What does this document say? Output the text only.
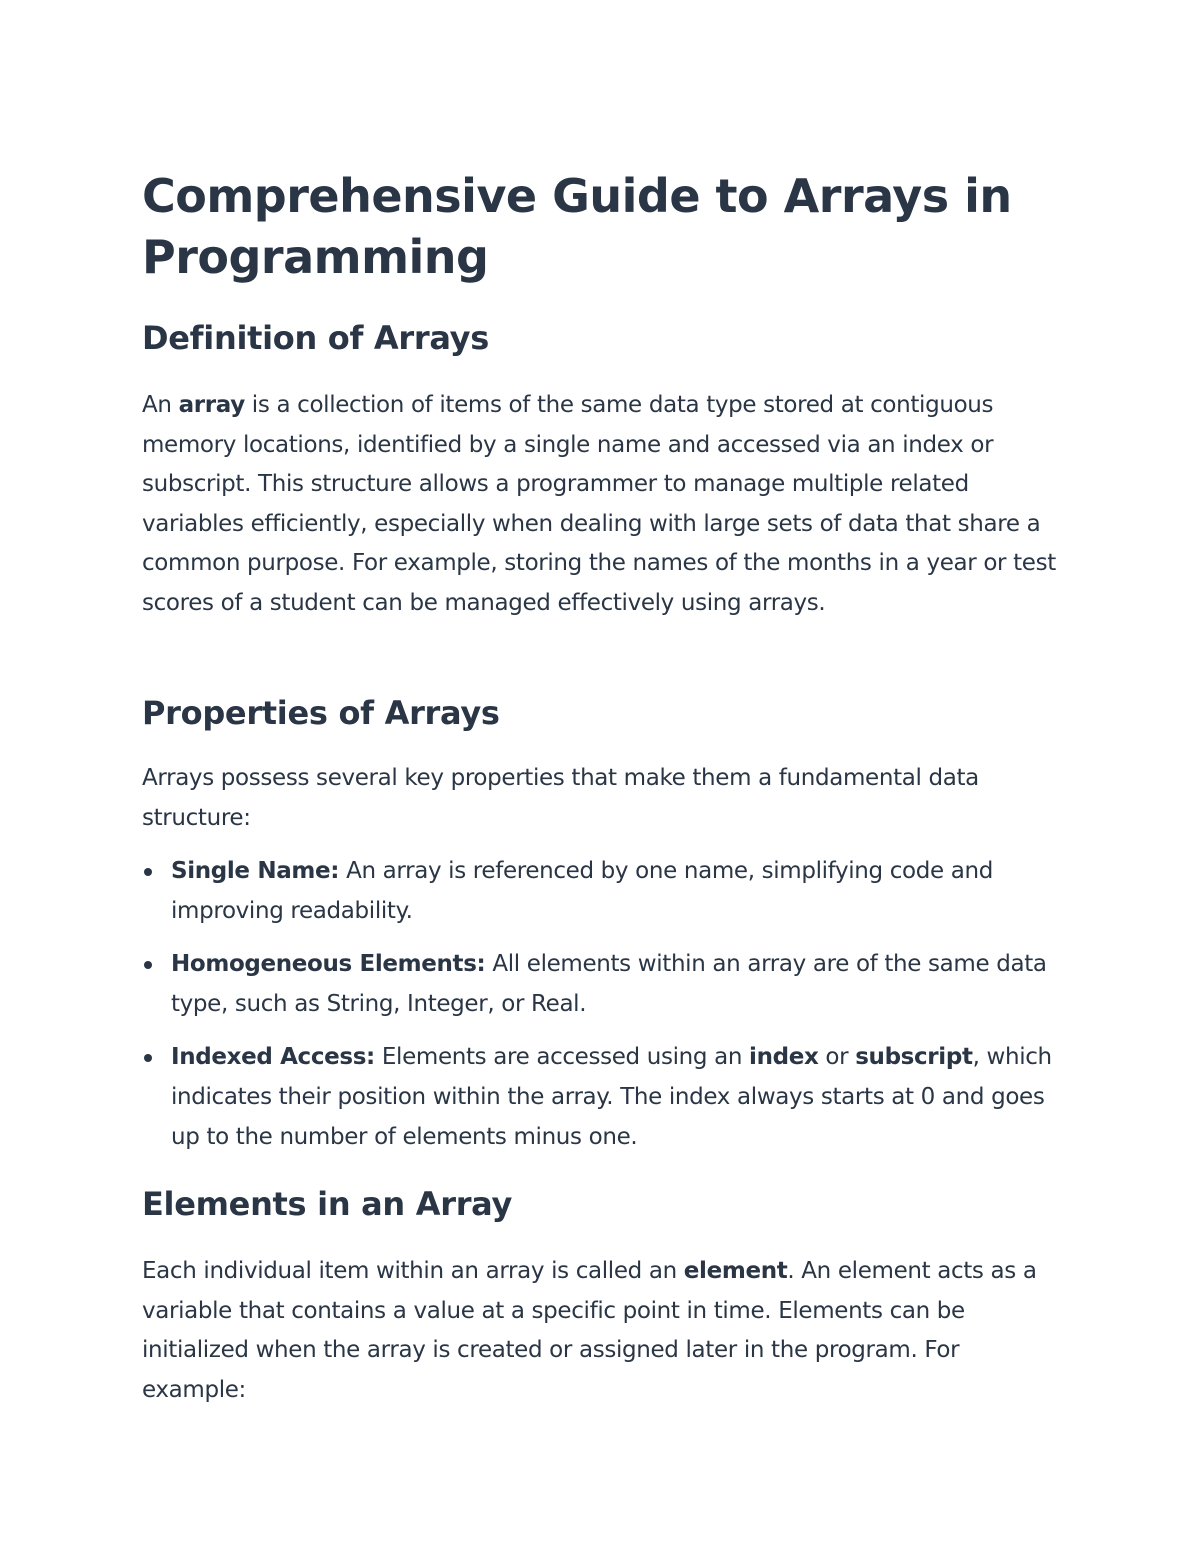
Comprehensive Guide to Arrays in Programming
Definition of Arrays

An array is a collection of items of the same data type stored at contiguous memory locations, identified by a single name and accessed via an index or subscript. This structure allows a programmer to manage multiple related variables efficiently, especially when dealing with large sets of data that share a common purpose. For example, storing the names of the months in a year or test scores of a student can be managed effectively using arrays.

Properties of Arrays

Arrays possess several key properties that make them a fundamental data structure:

Single Name: An array is referenced by one name, simplifying code and improving readability.
Homogeneous Elements: All elements within an array are of the same data type, such as String, Integer, or Real.
Indexed Access: Elements are accessed using an index or subscript, which indicates their position within the array. The index always starts at 0 and goes up to the number of elements minus one.
Elements in an Array

Each individual item within an array is called an element. An element acts as a variable that contains a value at a specific point in time. Elements can be initialized when the array is created or assigned later in the program. For example:
